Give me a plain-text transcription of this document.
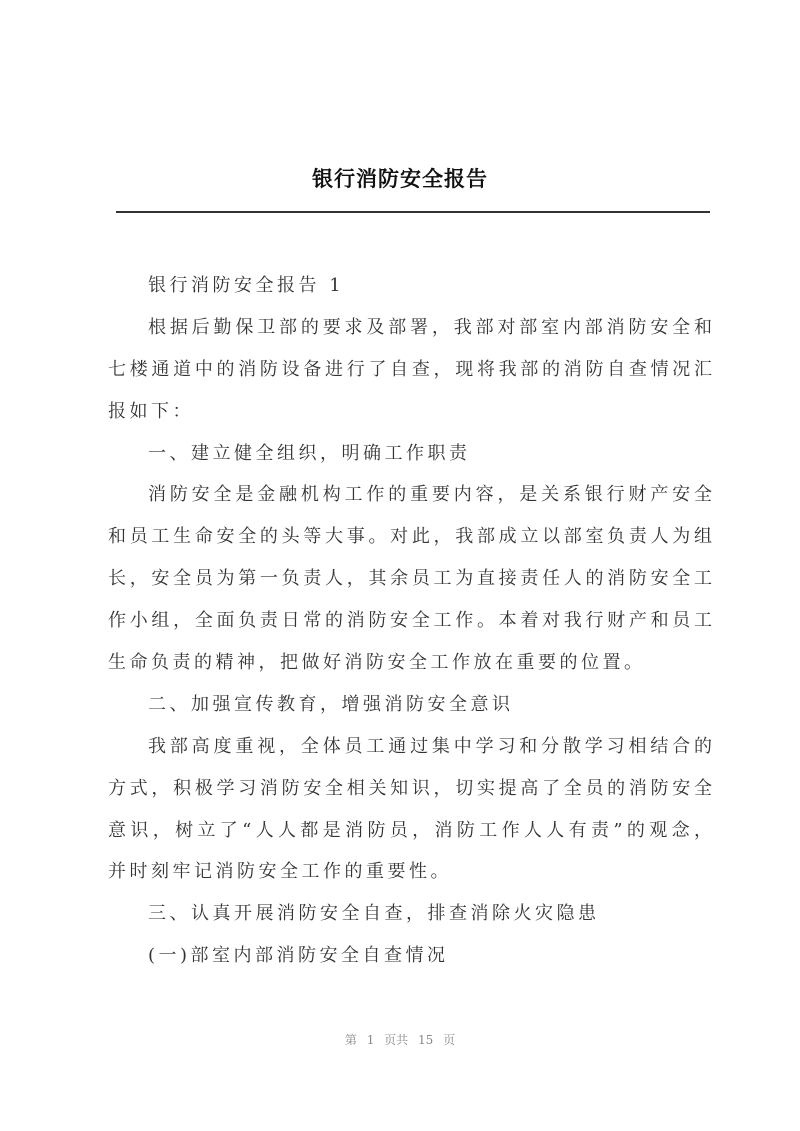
银行消防安全报告
银行消防安全报告 1
根据后勤保卫部的要求及部署，我部对部室内部消防安全和
七楼通道中的消防设备进行了自查，现将我部的消防自查情况汇
报如下：
一、建立健全组织，明确工作职责
消防安全是金融机构工作的重要内容，是关系银行财产安全
和员工生命安全的头等大事。对此，我部成立以部室负责人为组
长，安全员为第一负责人，其余员工为直接责任人的消防安全工
作小组，全面负责日常的消防安全工作。本着对我行财产和员工
生命负责的精神，把做好消防安全工作放在重要的位置。
二、加强宣传教育，增强消防安全意识
我部高度重视，全体员工通过集中学习和分散学习相结合的
方式，积极学习消防安全相关知识，切实提高了全员的消防安全
意识，树立了“人人都是消防员，消防工作人人有责”的观念，
并时刻牢记消防安全工作的重要性。
三、认真开展消防安全自查，排查消除火灾隐患
(一)部室内部消防安全自查情况
第 1 页共 15 页
